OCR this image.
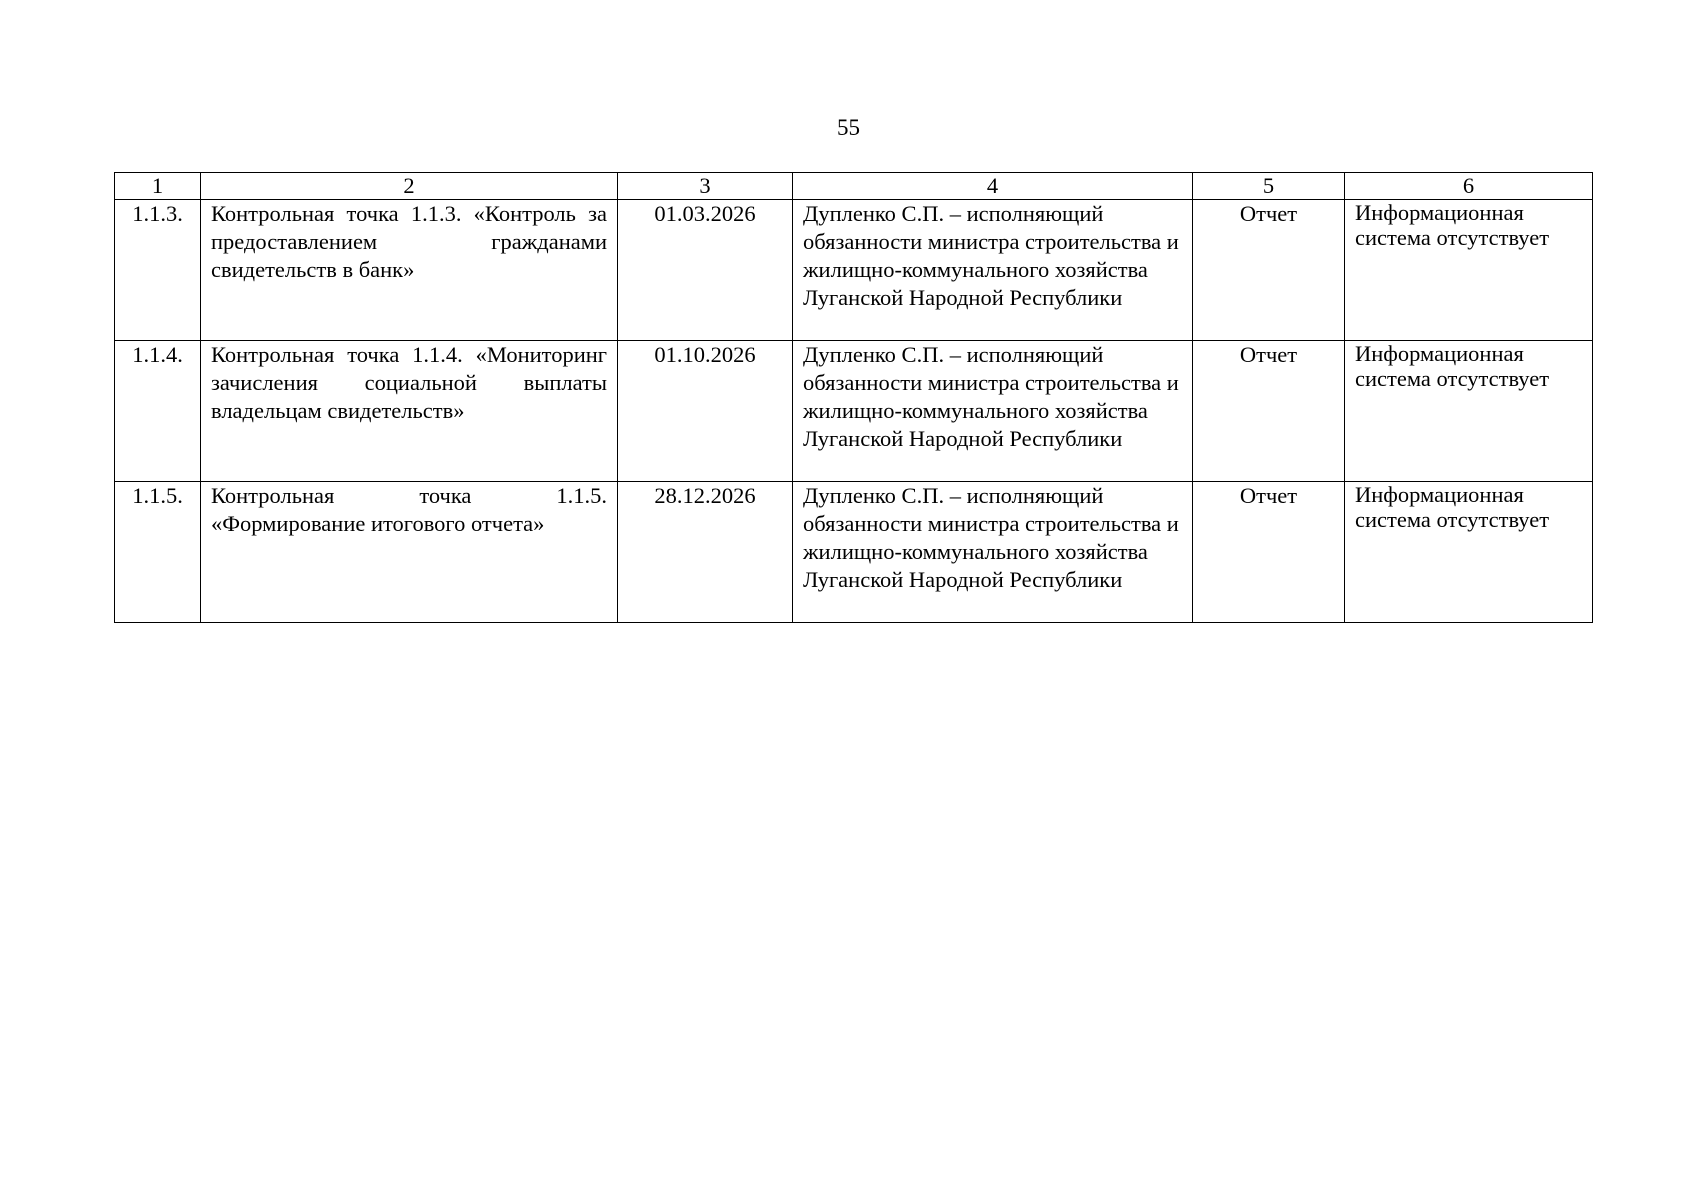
55
1	2	3	4	5	6
1.1.3.	Контрольная точка 1.1.3. «Контроль за предоставлением гражданами свидетельств в банк»	01.03.2026	Дупленко С.П. – исполняющий обязанности министра строительства и жилищно-коммунального хозяйства Луганской Народной Республики	Отчет	Информационная система отсутствует
1.1.4.	Контрольная точка 1.1.4. «Мониторинг зачисления социальной выплаты владельцам свидетельств»	01.10.2026	Дупленко С.П. – исполняющий обязанности министра строительства и жилищно-коммунального хозяйства Луганской Народной Республики	Отчет	Информационная система отсутствует
1.1.5.	Контрольная точка 1.1.5. «Формирование итогового отчета»	28.12.2026	Дупленко С.П. – исполняющий обязанности министра строительства и жилищно-коммунального хозяйства Луганской Народной Республики	Отчет	Информационная система отсутствует
